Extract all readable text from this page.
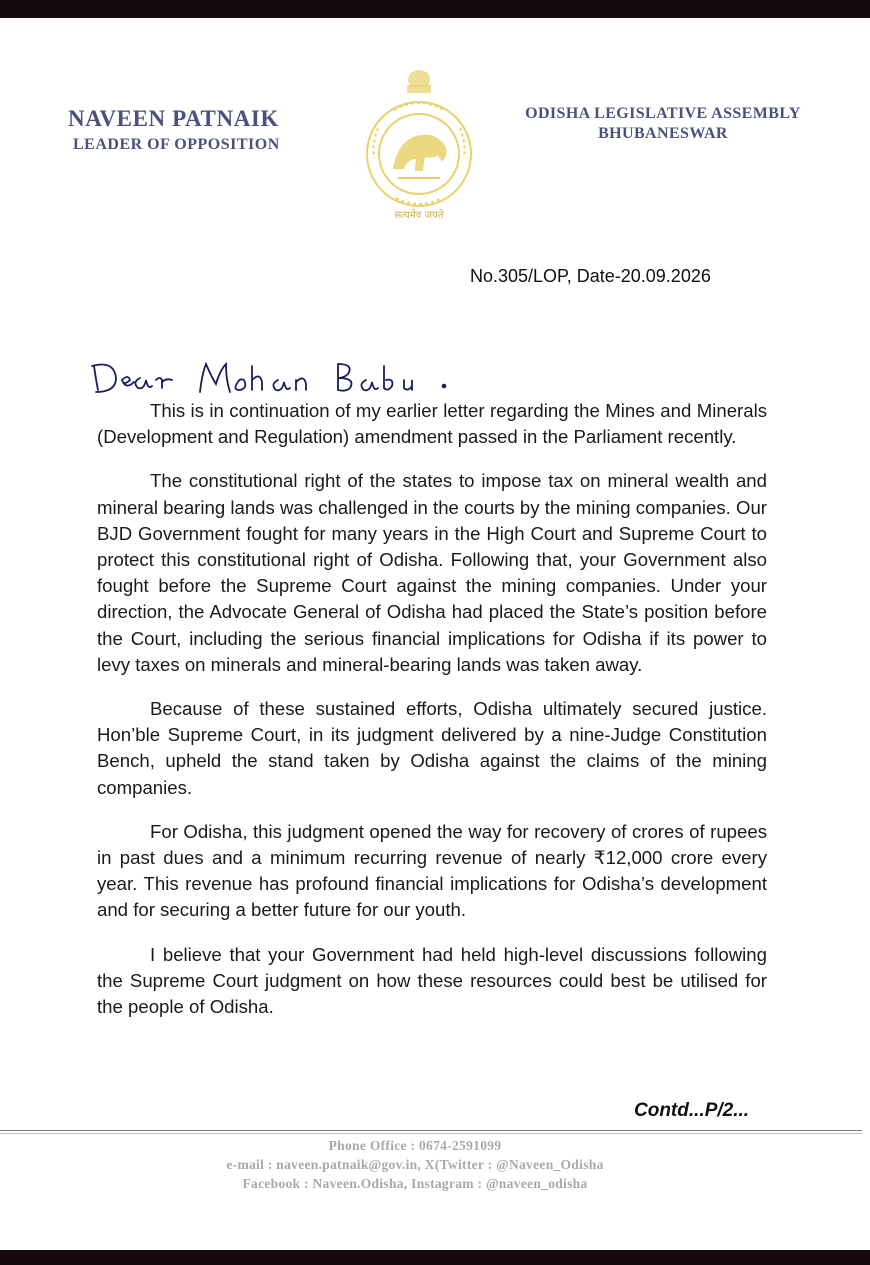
NAVEEN PATNAIK
LEADER OF OPPOSITION
सत्यमेव जयते
ODISHA LEGISLATIVE ASSEMBLY
BHUBANESWAR
No.305/LOP, Date-20.09.2026

This is in continuation of my earlier letter regarding the Mines and Minerals (Development and Regulation) amendment passed in the Parliament recently.

The constitutional right of the states to impose tax on mineral wealth and mineral bearing lands was challenged in the courts by the mining companies. Our BJD Government fought for many years in the High Court and Supreme Court to protect this constitutional right of Odisha. Following that, your Government also fought before the Supreme Court against the mining companies. Under your direction, the Advocate General of Odisha had placed the State’s position before the Court, including the serious financial implications for Odisha if its power to levy taxes on minerals and mineral-bearing lands was taken away.

Because of these sustained efforts, Odisha ultimately secured justice. Hon’ble Supreme Court, in its judgment delivered by a nine-Judge Constitution Bench, upheld the stand taken by Odisha against the claims of the mining companies.

For Odisha, this judgment opened the way for recovery of crores of rupees in past dues and a minimum recurring revenue of nearly ₹12,000 crore every year. This revenue has profound financial implications for Odisha’s development and for securing a better future for our youth.

I believe that your Government had held high-level discussions following the Supreme Court judgment on how these resources could best be utilised for the people of Odisha.

Contd...P/2...
Phone Office : 0674-2591099
e-mail : naveen.patnaik@gov.in, X(Twitter : @Naveen_Odisha
Facebook : Naveen.Odisha, Instagram : @naveen_odisha
